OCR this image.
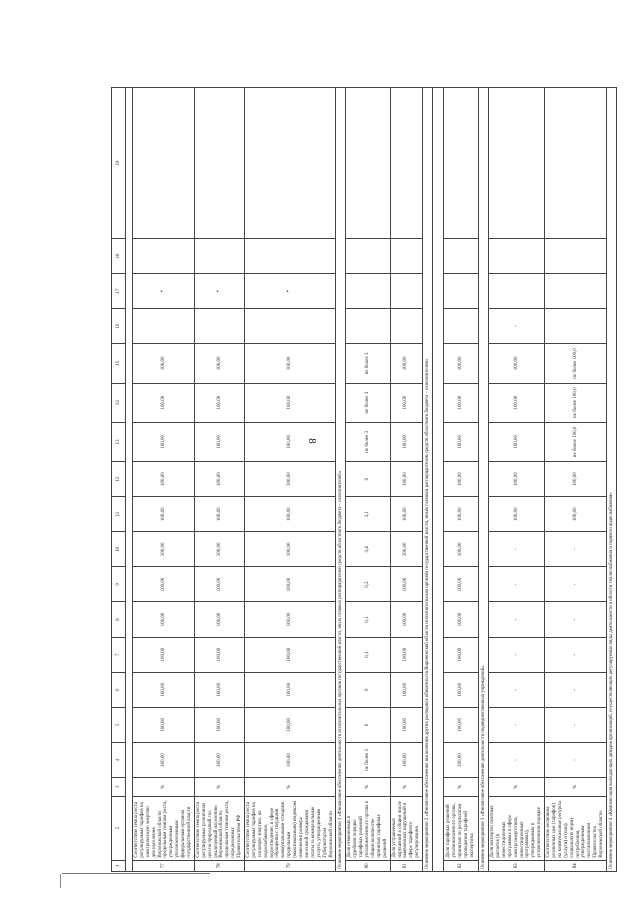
8
1	2	3	4	5	6	7	8	9	10	11	12	13	14	15	16	17	18	19

77	Соответствие темпа роста регулируемых тарифов на электрическую энергию для населения Воронежской области предельным темпам роста, утвержденным уполномоченным федеральным органом государственной власти	%	100,00	100,00	100,00	100,00	100,00	100,00	100,00	100,00	100,00	100,00	100,00	100,00		*		
78	Соответствие темпа роста регулируемых розничных цен на природный газ, реализуемый населению Воронежской области, предельным темпам роста, определенных Правительством РФ	%	100,00	100,00	100,00	100,00	100,00	100,00	100,00	100,00	100,00	100,00	100,00	100,00		*		
79	Соответствие темпа роста регулируемых тарифов на тепловую энергию, на водоснабжение, водоотведение, в сфере обращения с твердыми коммунальными отходами предельным (максимальным) индексам изменения размера вносимой гражданами платы за коммунальные услуги, утвержденным Губернатором Воронежской области	%	100,00	100,00	100,00	100,00	100,00	100,00	100,00	100,00	100,00	100,00	100,00	100,00		*		
Основное мероприятие 1 «Финансовое обеспечение деятельности исполнительных органов государственной власти, иных главных распорядителей средств областного бюджета – исполнителей»																		
80	Доля отмененных в судебном порядке тарифных решений уполномоченного органа в общем количестве принятых тарифных решений	%	не более 3	0	0	0,1	0,1	0,2	3,4	3,1	0	не более 3	не более 3	не более 3				
81	Доля устраненных нарушений в общем числе выявленных нарушений в сфере тарифного регулирования	%	100,00	100,00	100,00	100,00	100,00	100,00	100,00	100,00	100,00	100,00	100,00	100,00				
Основное мероприятие 2 «Финансовое обеспечение выполнения других расходных обязательств Воронежской области исполнительным органом государственной власти, иным главным распорядителем средств областного бюджета – исполнителем»																		

82	Доля тарифных решений уполномоченного органа, принятых по результатам проведения тарифной экспертизы	%	100,00	100,00	100,00	100,00	100,00	100,00	100,00	100,00	100,00	100,00	100,00	100,00				
Основное мероприятие 3 «Финансовое обеспечение деятельности подведомственных учреждений»																		
83	Доля экспертиз сметных расчетов (в инвестиционных программах в сфере электроэнергетики, инвестиционных программах), утверждаемых в установленном порядке	%	-	-	-	-	-	-	-	100,00	100,00	100,00	100,00	100,00	-			
84	Соответствие величины розничных цен (тарифов) на коммунальные ресурсы (услуги) и (или) социальную норму потребления, утвержденным постановлением Правительства Воронежской области	%	-	-	-	-	-	-	-	100,00	100,00	не более 100,0	не более 100,0	не более 100,0				
Основное мероприятие 4 «Компенсация выпадающих доходов организаций, осуществляющих регулируемые виды деятельности в области теплоснабжения и горячего водоснабжения»																		
